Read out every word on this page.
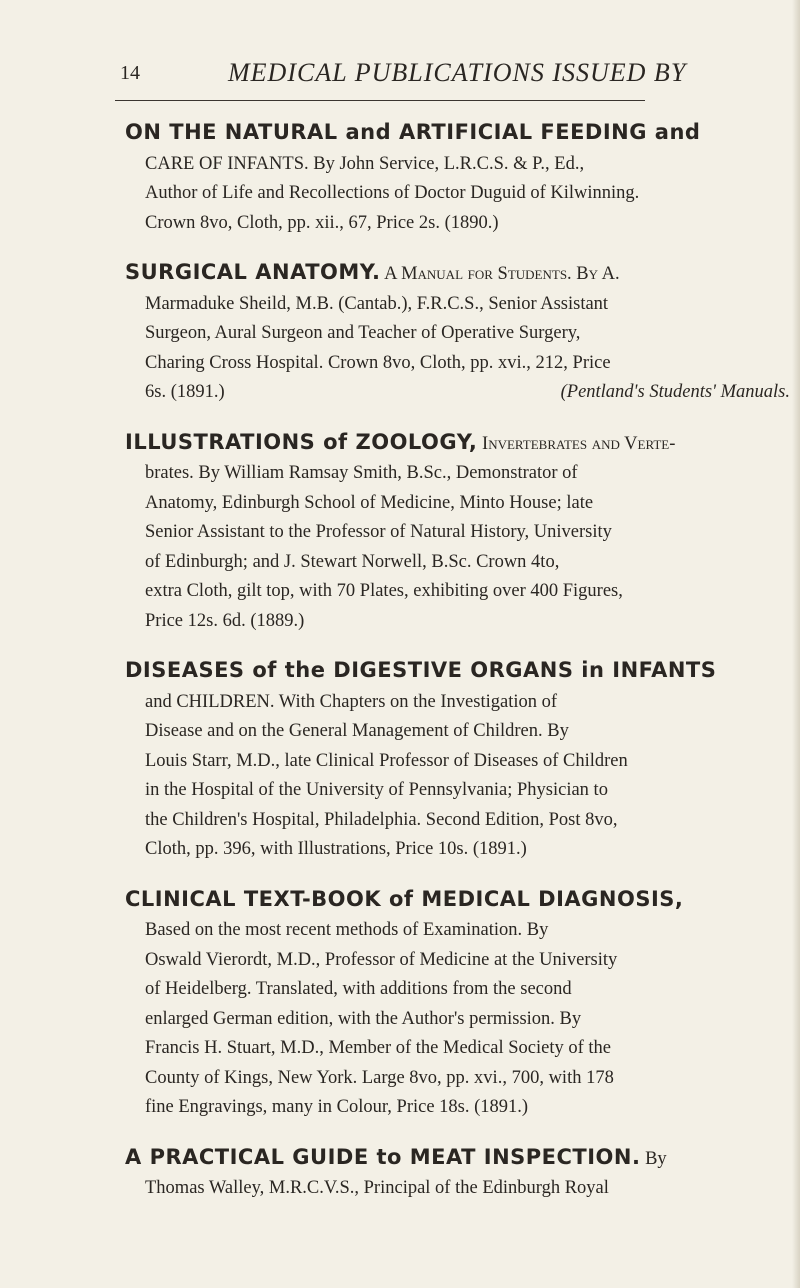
14	MEDICAL PUBLICATIONS ISSUED BY

ON THE NATURAL and ARTIFICIAL FEEDING and
CARE OF INFANTS. By John Service, L.R.C.S. & P., Ed.,
Author of Life and Recollections of Doctor Duguid of Kilwinning.
Crown 8vo, Cloth, pp. xii., 67, Price 2s. (1890.)

SURGICAL ANATOMY. A Manual for Students. By A.
Marmaduke Sheild, M.B. (Cantab.), F.R.C.S., Senior Assistant
Surgeon, Aural Surgeon and Teacher of Operative Surgery,
Charing Cross Hospital. Crown 8vo, Cloth, pp. xvi., 212, Price
6s. (1891.)	(Pentland's Students' Manuals.

ILLUSTRATIONS of ZOOLOGY, Invertebrates and Verte-
brates. By William Ramsay Smith, B.Sc., Demonstrator of
Anatomy, Edinburgh School of Medicine, Minto House; late
Senior Assistant to the Professor of Natural History, University
of Edinburgh; and J. Stewart Norwell, B.Sc. Crown 4to,
extra Cloth, gilt top, with 70 Plates, exhibiting over 400 Figures,
Price 12s. 6d. (1889.)

DISEASES of the DIGESTIVE ORGANS in INFANTS
and CHILDREN. With Chapters on the Investigation of
Disease and on the General Management of Children. By
Louis Starr, M.D., late Clinical Professor of Diseases of Children
in the Hospital of the University of Pennsylvania; Physician to
the Children's Hospital, Philadelphia. Second Edition, Post 8vo,
Cloth, pp. 396, with Illustrations, Price 10s. (1891.)

CLINICAL TEXT-BOOK of MEDICAL DIAGNOSIS,
Based on the most recent methods of Examination. By
Oswald Vierordt, M.D., Professor of Medicine at the University
of Heidelberg. Translated, with additions from the second
enlarged German edition, with the Author's permission. By
Francis H. Stuart, M.D., Member of the Medical Society of the
County of Kings, New York. Large 8vo, pp. xvi., 700, with 178
fine Engravings, many in Colour, Price 18s. (1891.)

A PRACTICAL GUIDE to MEAT INSPECTION. By
Thomas Walley, M.R.C.V.S., Principal of the Edinburgh Royal
